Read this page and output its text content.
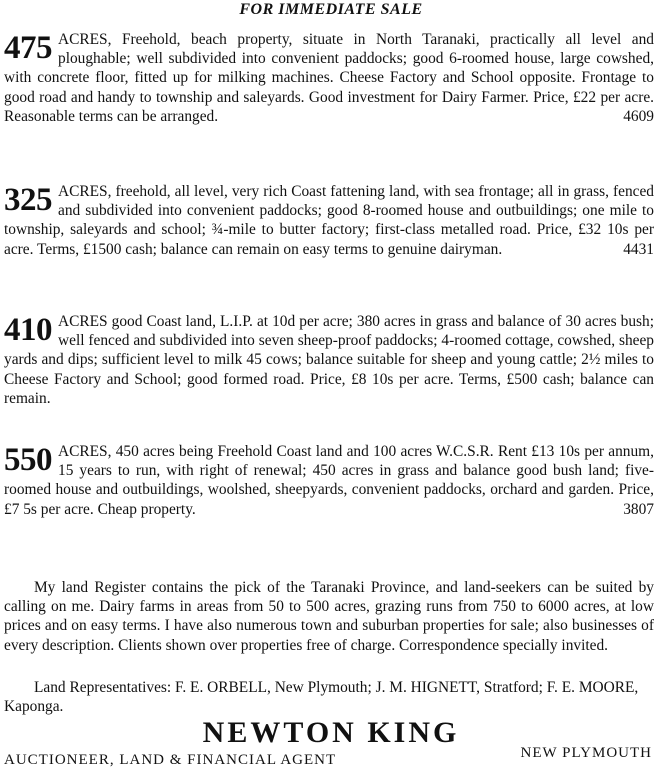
FOR IMMEDIATE SALE
475 ACRES, Freehold, beach property, situate in North Taranaki, practically all level and ploughable; well subdivided into convenient paddocks; good 6-roomed house, large cowshed, with concrete floor, fitted up for milking machines. Cheese Factory and School opposite. Frontage to good road and handy to township and saleyards. Good investment for Dairy Farmer. Price, £22 per acre. Reasonable terms can be arranged.	4609
325 ACRES, freehold, all level, very rich Coast fattening land, with sea frontage; all in grass, fenced and subdivided into convenient paddocks; good 8-roomed house and outbuildings; one mile to township, saleyards and school; ¾-mile to butter factory; first-class metalled road. Price, £32 10s per acre. Terms, £1500 cash; balance can remain on easy terms to genuine dairyman.	4431
410 ACRES good Coast land, L.I.P. at 10d per acre; 380 acres in grass and balance of 30 acres bush; well fenced and subdivided into seven sheep-proof paddocks; 4-roomed cottage, cowshed, sheep yards and dips; sufficient level to milk 45 cows; balance suitable for sheep and young cattle; 2½ miles to Cheese Factory and School; good formed road. Price, £8 10s per acre. Terms, £500 cash; balance can remain.
550 ACRES, 450 acres being Freehold Coast land and 100 acres W.C.S.R. Rent £13 10s per annum, 15 years to run, with right of renewal; 450 acres in grass and balance good bush land; five-roomed house and outbuildings, woolshed, sheepyards, convenient paddocks, orchard and garden. Price, £7 5s per acre. Cheap property.	3807

My land Register contains the pick of the Taranaki Province, and land-seekers can be suited by calling on me. Dairy farms in areas from 50 to 500 acres, grazing runs from 750 to 6000 acres, at low prices and on easy terms. I have also numerous town and suburban properties for sale; also businesses of every description. Clients shown over properties free of charge. Correspondence specially invited.

Land Representatives: F. E. ORBELL, New Plymouth; J. M. HIGNETT, Stratford; F. E. MOORE, Kaponga.

NEWTON KING
AUCTIONEER, LAND & FINANCIAL AGENT	NEW PLYMOUTH
